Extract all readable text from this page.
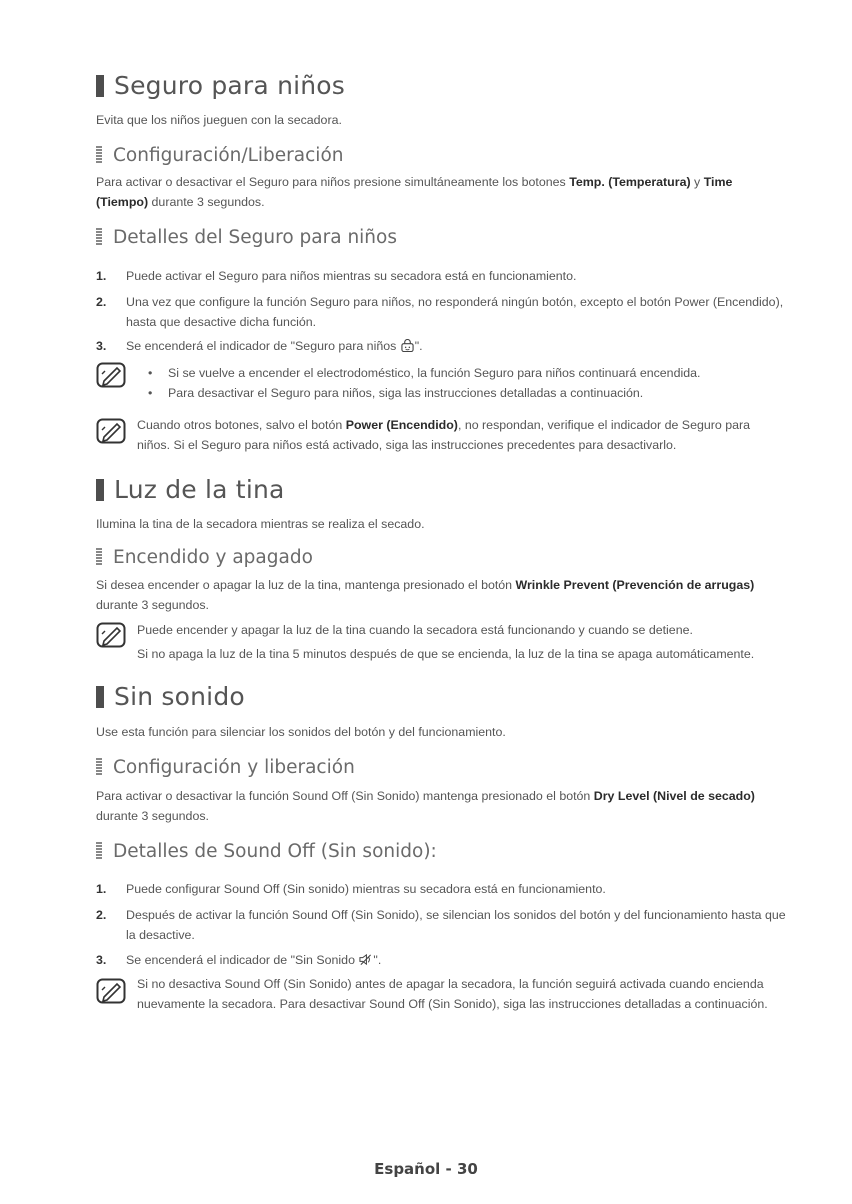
Seguro para niños
Evita que los niños jueguen con la secadora.
Configuración/Liberación
Para activar o desactivar el Seguro para niños presione simultáneamente los botones Temp. (Temperatura) y Time
(Tiempo) durante 3 segundos.
Detalles del Seguro para niños
1. Puede activar el Seguro para niños mientras su secadora está en funcionamiento.
2. Una vez que configure la función Seguro para niños, no responderá ningún botón, excepto el botón Power (Encendido), hasta que desactive dicha función.
3. Se encenderá el indicador de "Seguro para niños ".
• Si se vuelve a encender el electrodoméstico, la función Seguro para niños continuará encendida.
• Para desactivar el Seguro para niños, siga las instrucciones detalladas a continuación.
Cuando otros botones, salvo el botón Power (Encendido), no respondan, verifique el indicador de Seguro para niños. Si el Seguro para niños está activado, siga las instrucciones precedentes para desactivarlo.
Luz de la tina
Ilumina la tina de la secadora mientras se realiza el secado.
Encendido y apagado
Si desea encender o apagar la luz de la tina, mantenga presionado el botón Wrinkle Prevent (Prevención de arrugas)
durante 3 segundos.
Puede encender y apagar la luz de la tina cuando la secadora está funcionando y cuando se detiene.
Si no apaga la luz de la tina 5 minutos después de que se encienda, la luz de la tina se apaga automáticamente.
Sin sonido
Use esta función para silenciar los sonidos del botón y del funcionamiento.
Configuración y liberación
Para activar o desactivar la función Sound Off (Sin Sonido) mantenga presionado el botón Dry Level (Nivel de secado)
durante 3 segundos.
Detalles de Sound Off (Sin sonido):
1. Puede configurar Sound Off (Sin sonido) mientras su secadora está en funcionamiento.
2. Después de activar la función Sound Off (Sin Sonido), se silencian los sonidos del botón y del funcionamiento hasta que la desactive.
3. Se encenderá el indicador de "Sin Sonido ".
Si no desactiva Sound Off (Sin Sonido) antes de apagar la secadora, la función seguirá activada cuando encienda nuevamente la secadora. Para desactivar Sound Off (Sin Sonido), siga las instrucciones detalladas a continuación.
Español - 30
